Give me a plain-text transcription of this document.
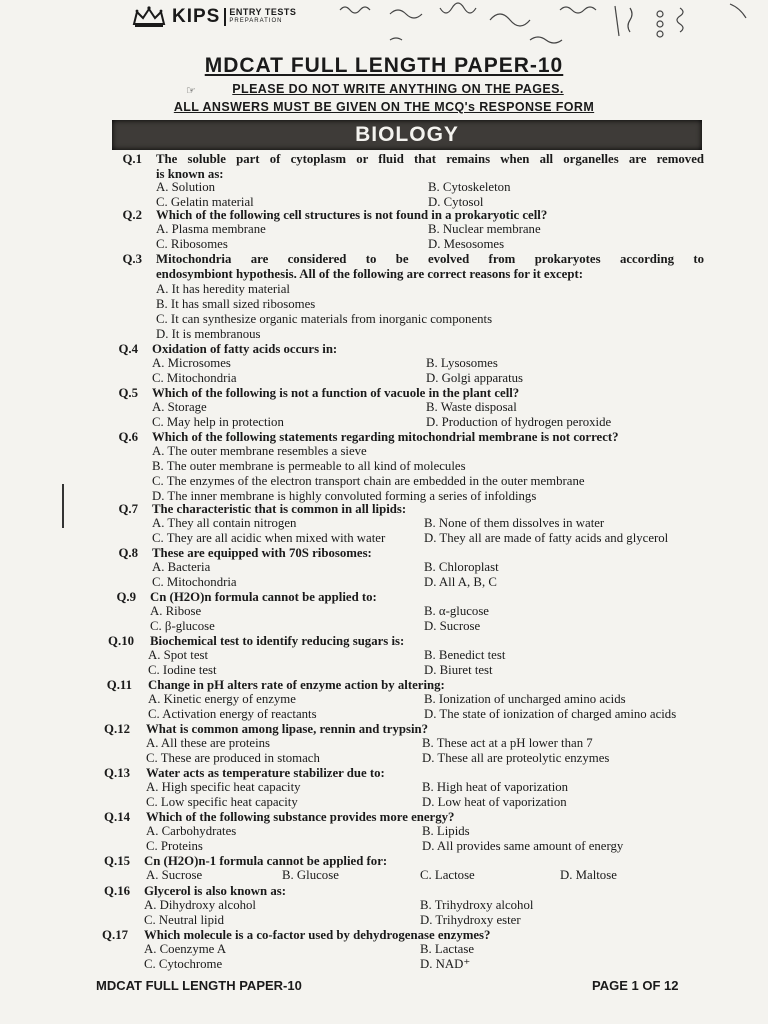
KIPS ENTRY TESTS
PREPARATION
MDCAT FULL LENGTH PAPER-10
☞	PLEASE DO NOT WRITE ANYTHING ON THE PAGES.
ALL ANSWERS MUST BE GIVEN ON THE MCQ's RESPONSE FORM
BIOLOGY
Q.1 The soluble part of cytoplasm or fluid that remains when all organelles are removed
is known as:
A. Solution	B. Cytoskeleton
C. Gelatin material	D. Cytosol
Q.2 Which of the following cell structures is not found in a prokaryotic cell?
A. Plasma membrane	B. Nuclear membrane
C. Ribosomes	D. Mesosomes
Q.3 Mitochondria are considered to be evolved from prokaryotes according to
endosymbiont hypothesis. All of the following are correct reasons for it except:
A. It has heredity material
B. It has small sized ribosomes
C. It can synthesize organic materials from inorganic components
D. It is membranous
Q.4 Oxidation of fatty acids occurs in:
A. Microsomes	B. Lysosomes
C. Mitochondria	D. Golgi apparatus
Q.5 Which of the following is not a function of vacuole in the plant cell?
A. Storage	B. Waste disposal
C. May help in protection	D. Production of hydrogen peroxide
Q.6 Which of the following statements regarding mitochondrial membrane is not correct?
A. The outer membrane resembles a sieve
B. The outer membrane is permeable to all kind of molecules
C. The enzymes of the electron transport chain are embedded in the outer membrane
D. The inner membrane is highly convoluted forming a series of infoldings
Q.7 The characteristic that is common in all lipids:
A. They all contain nitrogen	B. None of them dissolves in water
C. They are all acidic when mixed with water	D. They all are made of fatty acids and glycerol
Q.8 These are equipped with 70S ribosomes:
A. Bacteria	B. Chloroplast
C. Mitochondria	D. All A, B, C
Q.9 Cn (H2O)n formula cannot be applied to:
A. Ribose	B. α-glucose
C. β-glucose	D. Sucrose
Q.10 Biochemical test to identify reducing sugars is:
A. Spot test	B. Benedict test
C. Iodine test	D. Biuret test
Q.11 Change in pH alters rate of enzyme action by altering:
A. Kinetic energy of enzyme	B. Ionization of uncharged amino acids
C. Activation energy of reactants	D. The state of ionization of charged amino acids
Q.12 What is common among lipase, rennin and trypsin?
A. All these are proteins	B. These act at a pH lower than 7
C. These are produced in stomach	D. These all are proteolytic enzymes
Q.13 Water acts as temperature stabilizer due to:
A. High specific heat capacity	B. High heat of vaporization
C. Low specific heat capacity	D. Low heat of vaporization
Q.14 Which of the following substance provides more energy?
A. Carbohydrates	B. Lipids
C. Proteins	D. All provides same amount of energy
Q.15 Cn (H2O)n-1 formula cannot be applied for:
A. Sucrose	B. Glucose	C. Lactose	D. Maltose
Q.16 Glycerol is also known as:
A. Dihydroxy alcohol	B. Trihydroxy alcohol
C. Neutral lipid	D. Trihydroxy ester
Q.17 Which molecule is a co-factor used by dehydrogenase enzymes?
A. Coenzyme A	B. Lactase
C. Cytochrome	D. NAD⁺
MDCAT FULL LENGTH PAPER-10	PAGE 1 OF 12
